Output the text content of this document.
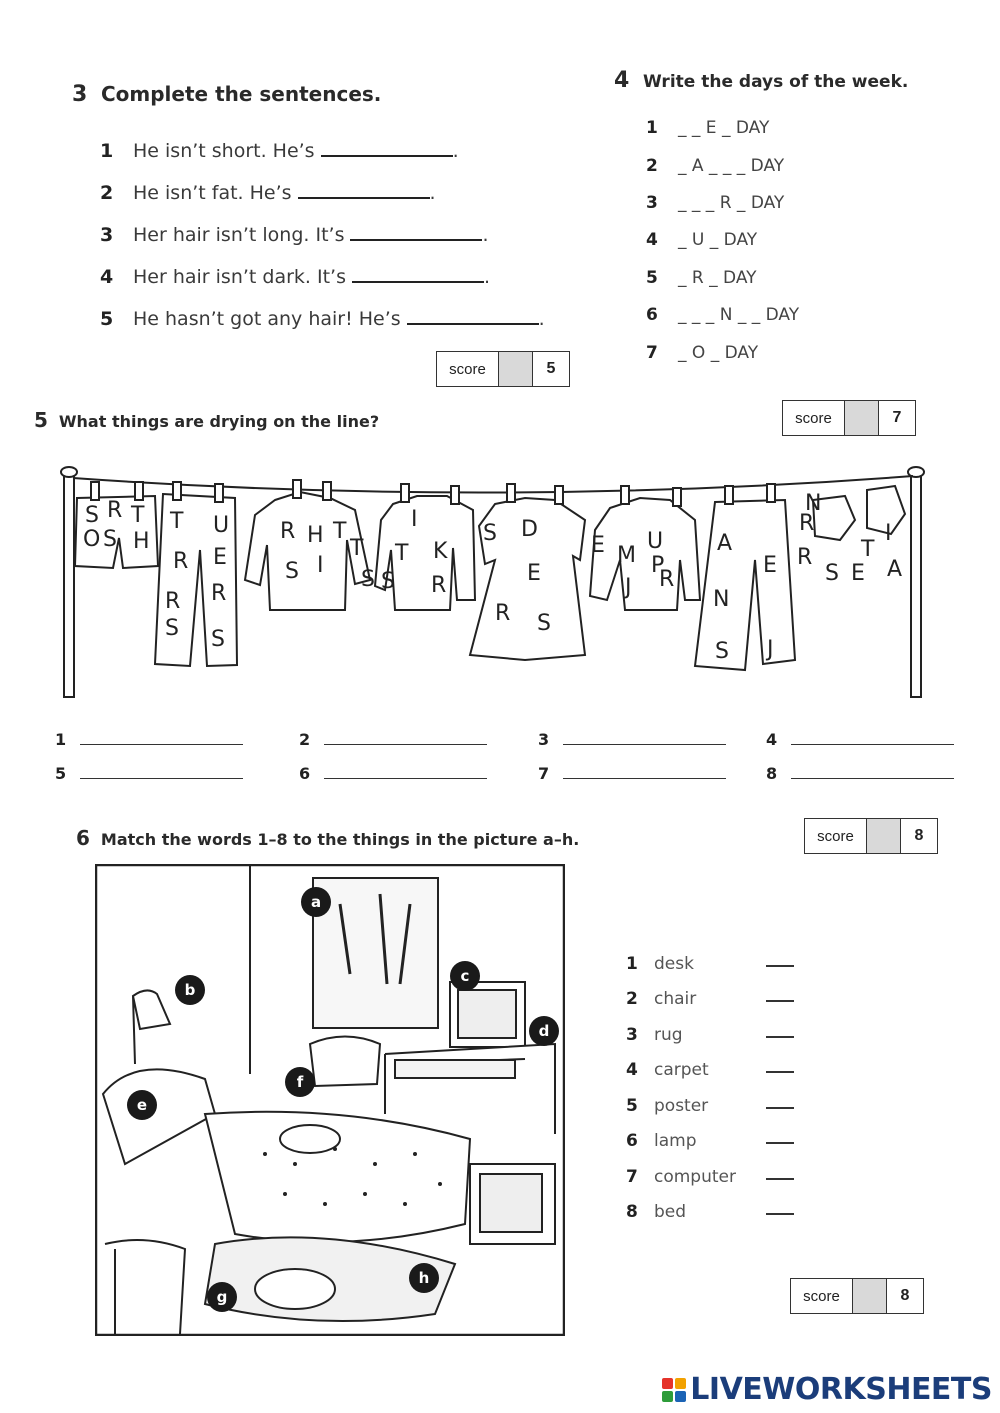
3 Complete the sentences.
1	He isn’t short. He’s	.
2	He isn’t fat. He’s	.
3	Her hair isn’t long. It’s	.
4	Her hair isn’t dark. It’s	.
5	He hasn’t got any hair! He’s	.
score	5
4 Write the days of the week.
1	_ _ E _ DAY
2	_ A _ _ _ DAY
3	_ _ _ R _ DAY
4	_ U _ DAY
5	_ R _ DAY
6	_ _ _ N _ _ DAY
7	_ O _ DAY
5 What things are drying on the line?	score	7
S R T
O S H
T U
R E
R R
S S
R H T
S I
I
T K
S
T
S R
S D
E
R S
E M
U
P
J R
A
E
N
S J
R
N
I
T
R
S E A
1	2	3	4
5	6	7	8
6 Match the words 1–8 to the things in the picture a–h.	score	8
a
b
c
d
e
f
g
h
1 desk
2 chair
3 rug
4 carpet
5 poster
6 lamp
7 computer
8 bed
score	8
LIVEWORKSHEETS
